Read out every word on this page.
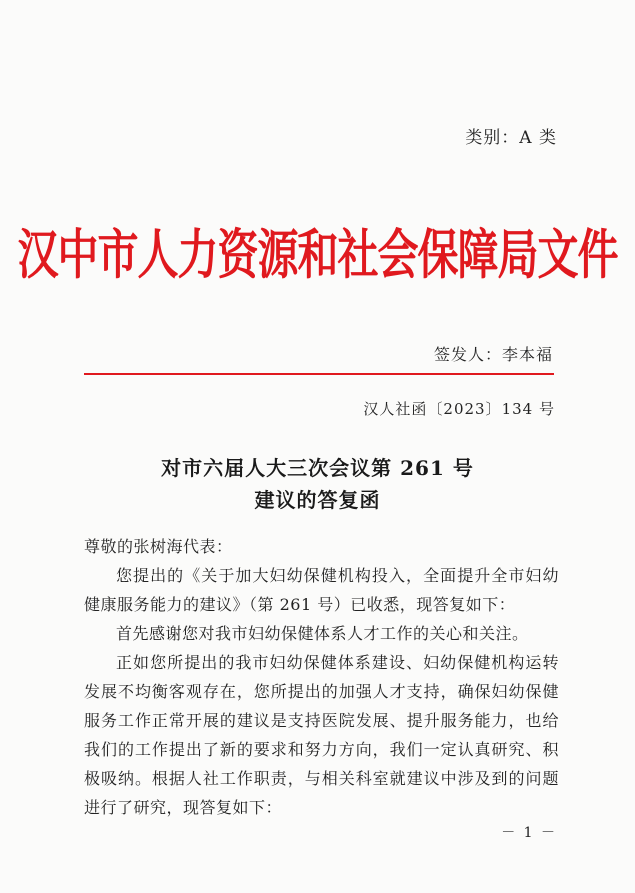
类别：A 类
汉中市人力资源和社会保障局文件
签发人：李本福
汉人社函〔2023〕134 号
对市六届人大三次会议第 261 号
建议的答复函

尊敬的张树海代表：

您提出的《关于加大妇幼保健机构投入，全面提升全市妇幼健康服务能力的建议》（第 261 号）已收悉，现答复如下：

首先感谢您对我市妇幼保健体系人才工作的关心和关注。

正如您所提出的我市妇幼保健体系建设、妇幼保健机构运转发展不均衡客观存在，您所提出的加强人才支持，确保妇幼保健服务工作正常开展的建议是支持医院发展、提升服务能力，也给我们的工作提出了新的要求和努力方向，我们一定认真研究、积极吸纳。根据人社工作职责，与相关科室就建议中涉及到的问题进行了研究，现答复如下：

－ 1 －
